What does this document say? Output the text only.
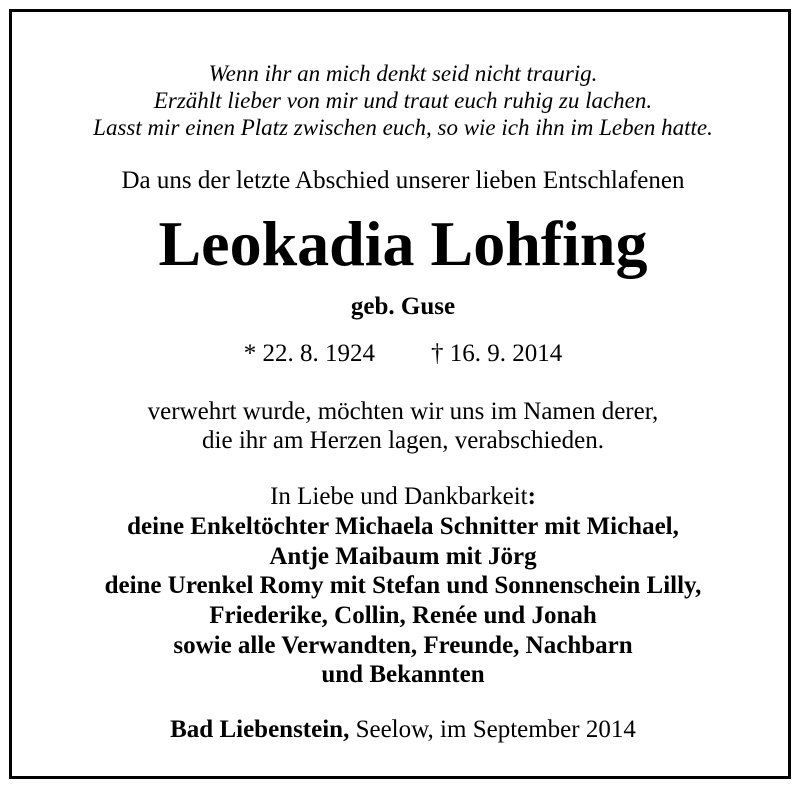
Wenn ihr an mich denkt seid nicht traurig.
Erzählt lieber von mir und traut euch ruhig zu lachen.
Lasst mir einen Platz zwischen euch, so wie ich ihn im Leben hatte.
Da uns der letzte Abschied unserer lieben Entschlafenen
Leokadia Lohfing
geb. Guse
* 22. 8. 1924 † 16. 9. 2014
verwehrt wurde, möchten wir uns im Namen derer,
die ihr am Herzen lagen, verabschieden.
In Liebe und Dankbarkeit:
deine Enkeltöchter Michaela Schnitter mit Michael,
Antje Maibaum mit Jörg
deine Urenkel Romy mit Stefan und Sonnenschein Lilly,
Friederike, Collin, Renée und Jonah
sowie alle Verwandten, Freunde, Nachbarn
und Bekannten
Bad Liebenstein, Seelow, im September 2014
